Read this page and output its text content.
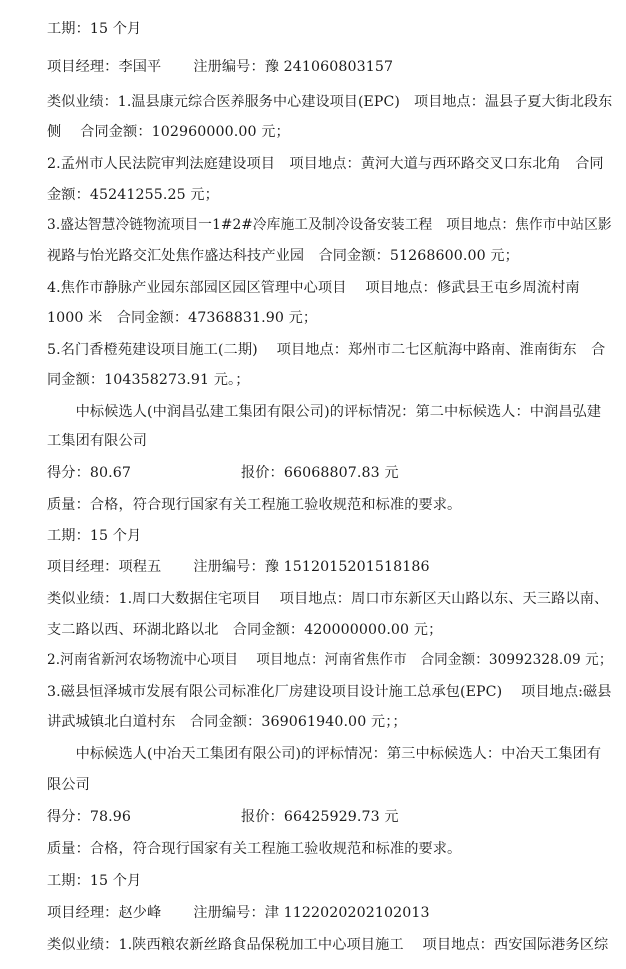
工期：15 个月
项目经理：李国平 注册编号：豫 241060803157
类似业绩：1.温县康元综合医养服务中心建设项目(EPC)　项目地点：温县子夏大街北段东
侧　 合同金额：102960000.00 元；
2.孟州市人民法院审判法庭建设项目　项目地点：黄河大道与西环路交叉口东北角　合同
金额：45241255.25 元；
3.盛达智慧冷链物流项目一1#2#冷库施工及制冷设备安装工程　项目地点：焦作市中站区影
视路与怡光路交汇处焦作盛达科技产业园　合同金额：51268600.00 元；
4.焦作市静脉产业园东部园区园区管理中心项目　 项目地点：修武县王屯乡周流村南
1000 米　合同金额：47368831.90 元；
5.名门香橙苑建设项目施工(二期)　 项目地点：郑州市二七区航海中路南、淮南街东　合
同金额：104358273.91 元。；
　　中标候选人(中润昌弘建工集团有限公司)的评标情况：第二中标候选人：中润昌弘建
工集团有限公司
得分：80.67	报价：66068807.83 元
质量：合格，符合现行国家有关工程施工验收规范和标准的要求。
工期：15 个月
项目经理：项程五 注册编号：豫 1512015201518186
类似业绩：1.周口大数据住宅项目　 项目地点：周口市东新区天山路以东、天三路以南、
支二路以西、环湖北路以北　合同金额：420000000.00 元；
2.河南省新河农场物流中心项目　 项目地点：河南省焦作市　合同金额：30992328.09 元；
3.磁县恒泽城市发展有限公司标准化厂房建设项目设计施工总承包(EPC)　 项目地点:磁县
讲武城镇北白道村东　合同金额：369061940.00 元；；
　　中标候选人(中冶天工集团有限公司)的评标情况：第三中标候选人：中冶天工集团有
限公司
得分：78.96	报价：66425929.73 元
质量：合格，符合现行国家有关工程施工验收规范和标准的要求。
工期：15 个月
项目经理：赵少峰 注册编号：津 1122020202102013
类似业绩：1.陕西粮农新丝路食品保税加工中心项目施工　 项目地点：西安国际港务区综
